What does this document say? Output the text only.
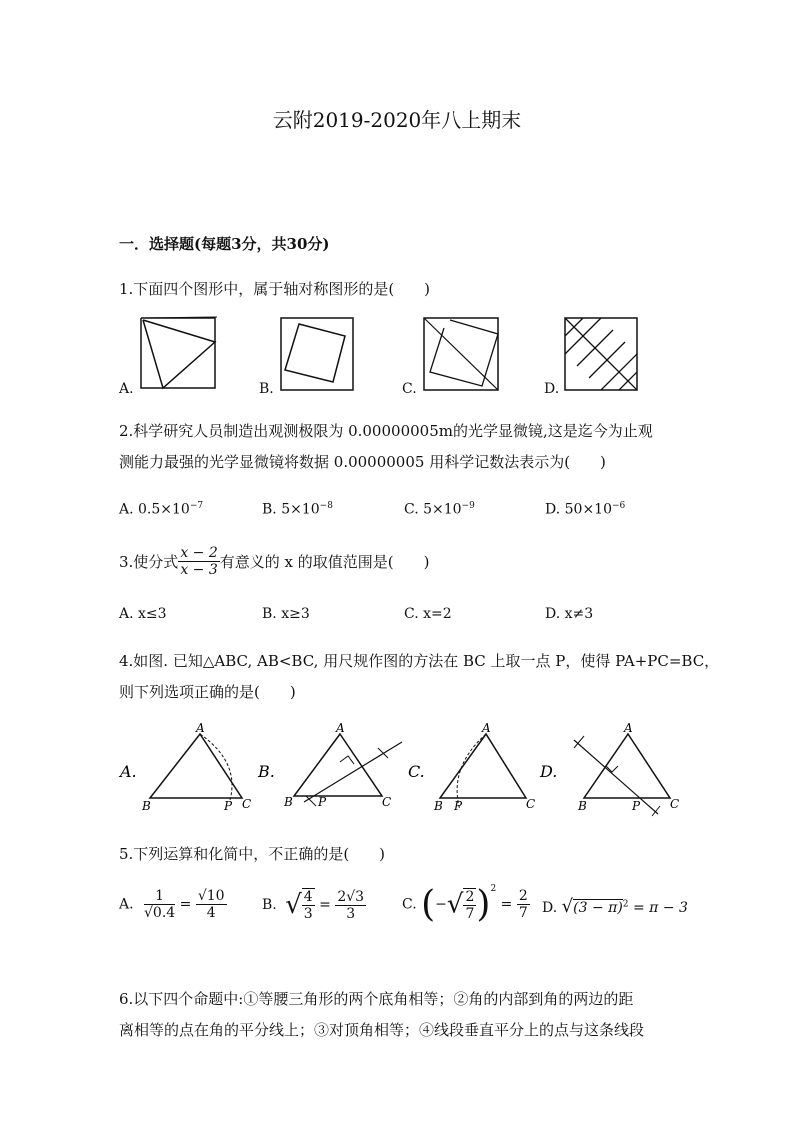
云附2019-2020年八上期末
一．选择题(每题3分，共30分)
1.下面四个图形中，属于轴对称图形的是(　　)
A.	B.	C.	D.
2.科学研究人员制造出观测极限为 0.00000005m的光学显微镜,这是迄今为止观
测能力最强的光学显微镜将数据 0.00000005 用科学记数法表示为(　　)
A. $0.5\times 10^{-7}$	B. $5\times 10^{-8}$	C. $5\times 10^{-9}$	D. $50\times 10^{-6}$
3.使分式 $\frac{x - 2}{x - 3}$ 有意义的 x 的取值范围是(　　)
A. x≤3	B. x≥3	C. x=2	D. x≠3
4.如图. 已知△ABC, AB<BC, 用尺规作图的方法在 BC 上取一点 P，使得 PA+PC=BC，
则下列选项正确的是(　　)
A.
A
B	C
P
B.
A
B	C
P
C.
A
B	C
P
D.
A
B	C
P
5.下列运算和化简中，不正确的是(　　)
A. $\frac{1}{√0.4} = \frac{√10}{4}$	B. √ $\frac{4}{3} = \frac{2√3}{3}$	C. (−√ $\frac{2}{7} )^2 = \frac{2}{7} D$. $√(3 - \pi)^2 = \pi - 3$
6.以下四个命题中:①等腰三角形的两个底角相等；②角的内部到角的两边的距
离相等的点在角的平分线上；③对顶角相等；④线段垂直平分上的点与这条线段
